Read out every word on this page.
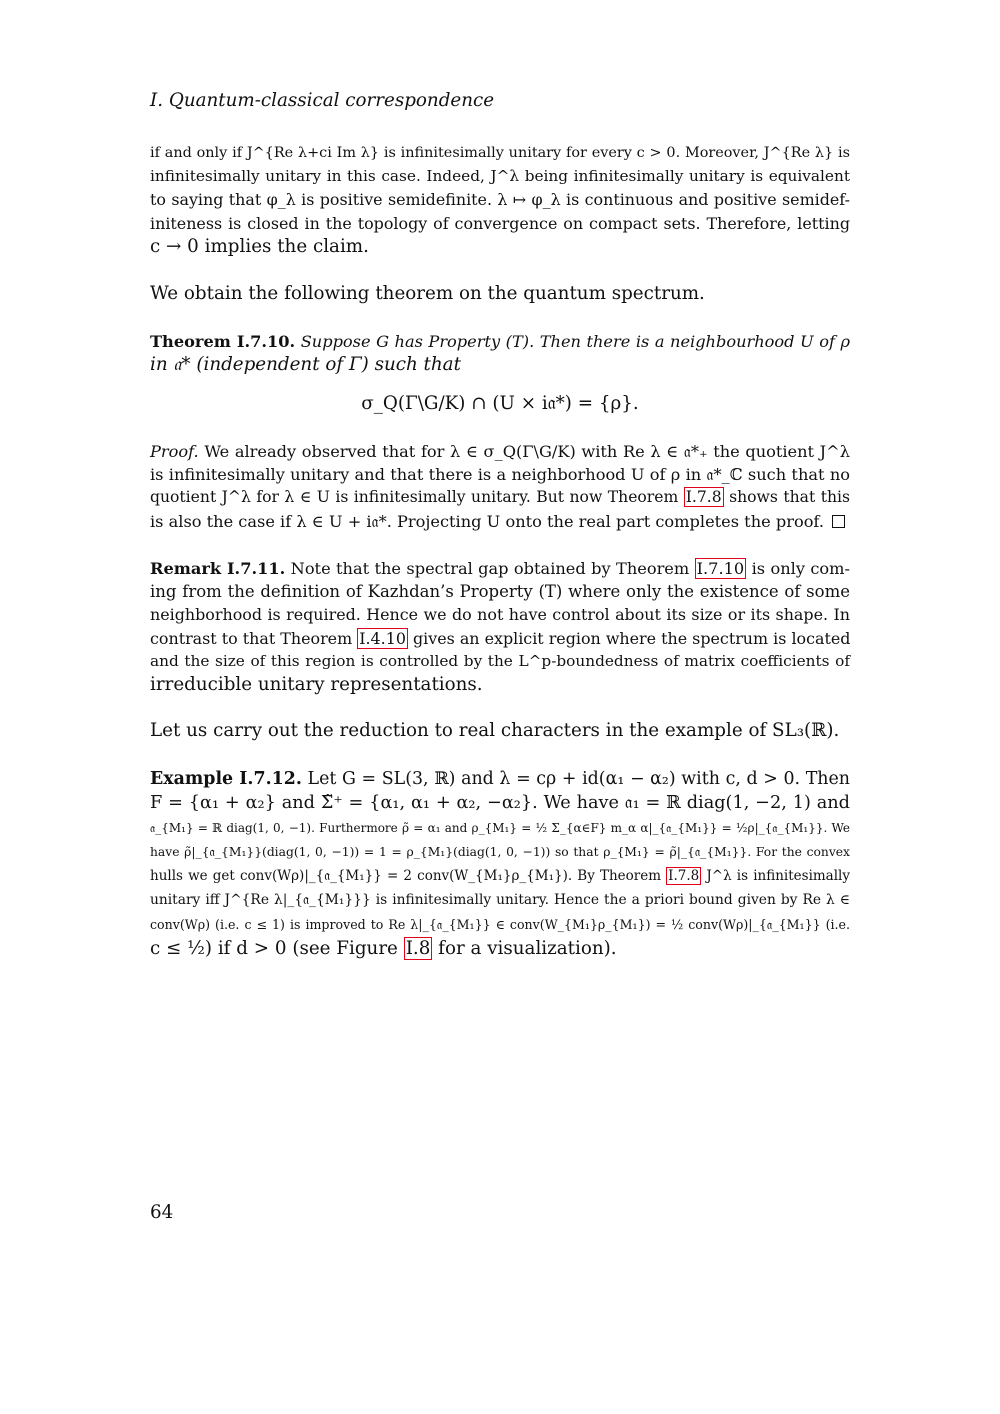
I. Quantum-classical correspondence
if and only if J^{Re λ+ci Im λ} is infinitesimally unitary for every c > 0. Moreover, J^{Re λ} is
infinitesimally unitary in this case. Indeed, J^λ being infinitesimally unitary is equivalent
to saying that φ_λ is positive semidefinite. λ ↦ φ_λ is continuous and positive semidef-
initeness is closed in the topology of convergence on compact sets. Therefore, letting
c → 0 implies the claim.
We obtain the following theorem on the quantum spectrum.
Theorem I.7.10. Suppose G has Property (T). Then there is a neighbourhood U of ρ
in 𝔞* (independent of Γ) such that
σ_Q(Γ\G/K) ∩ (U × i𝔞*) = {ρ}.
Proof. We already observed that for λ ∈ σ_Q(Γ\G/K) with Re λ ∈ 𝔞*₊ the quotient J^λ
is infinitesimally unitary and that there is a neighborhood U of ρ in 𝔞*_ℂ such that no
quotient J^λ for λ ∈ U is infinitesimally unitary. But now Theorem I.7.8 shows that this
is also the case if λ ∈ U + i𝔞*. Projecting U onto the real part completes the proof.
Remark I.7.11. Note that the spectral gap obtained by Theorem I.7.10 is only com-
ing from the definition of Kazhdan’s Property (T) where only the existence of some
neighborhood is required. Hence we do not have control about its size or its shape. In
contrast to that Theorem I.4.10 gives an explicit region where the spectrum is located
and the size of this region is controlled by the L^p-boundedness of matrix coefficients of
irreducible unitary representations.
Let us carry out the reduction to real characters in the example of SL₃(ℝ).
Example I.7.12. Let G = SL(3, ℝ) and λ = cρ + id(α₁ − α₂) with c, d > 0. Then
F = {α₁ + α₂} and Σ̃⁺ = {α₁, α₁ + α₂, −α₂}. We have 𝔞₁ = ℝ diag(1, −2, 1) and
𝔞_{M₁} = ℝ diag(1, 0, −1). Furthermore ρ̃ = α₁ and ρ_{M₁} = ½ Σ_{α∈F} m_α α|_{𝔞_{M₁}} = ½ρ|_{𝔞_{M₁}}. We
have ρ̃|_{𝔞_{M₁}}(diag(1, 0, −1)) = 1 = ρ_{M₁}(diag(1, 0, −1)) so that ρ_{M₁} = ρ̃|_{𝔞_{M₁}}. For the convex
hulls we get conv(Wρ)|_{𝔞_{M₁}} = 2 conv(W_{M₁}ρ_{M₁}). By Theorem I.7.8 J^λ is infinitesimally
unitary iff J^{Re λ|_{𝔞_{M₁}}} is infinitesimally unitary. Hence the a priori bound given by Re λ ∈
conv(Wρ) (i.e. c ≤ 1) is improved to Re λ|_{𝔞_{M₁}} ∈ conv(W_{M₁}ρ_{M₁}) = ½ conv(Wρ)|_{𝔞_{M₁}} (i.e.
c ≤ ½) if d > 0 (see Figure I.8 for a visualization).
64
